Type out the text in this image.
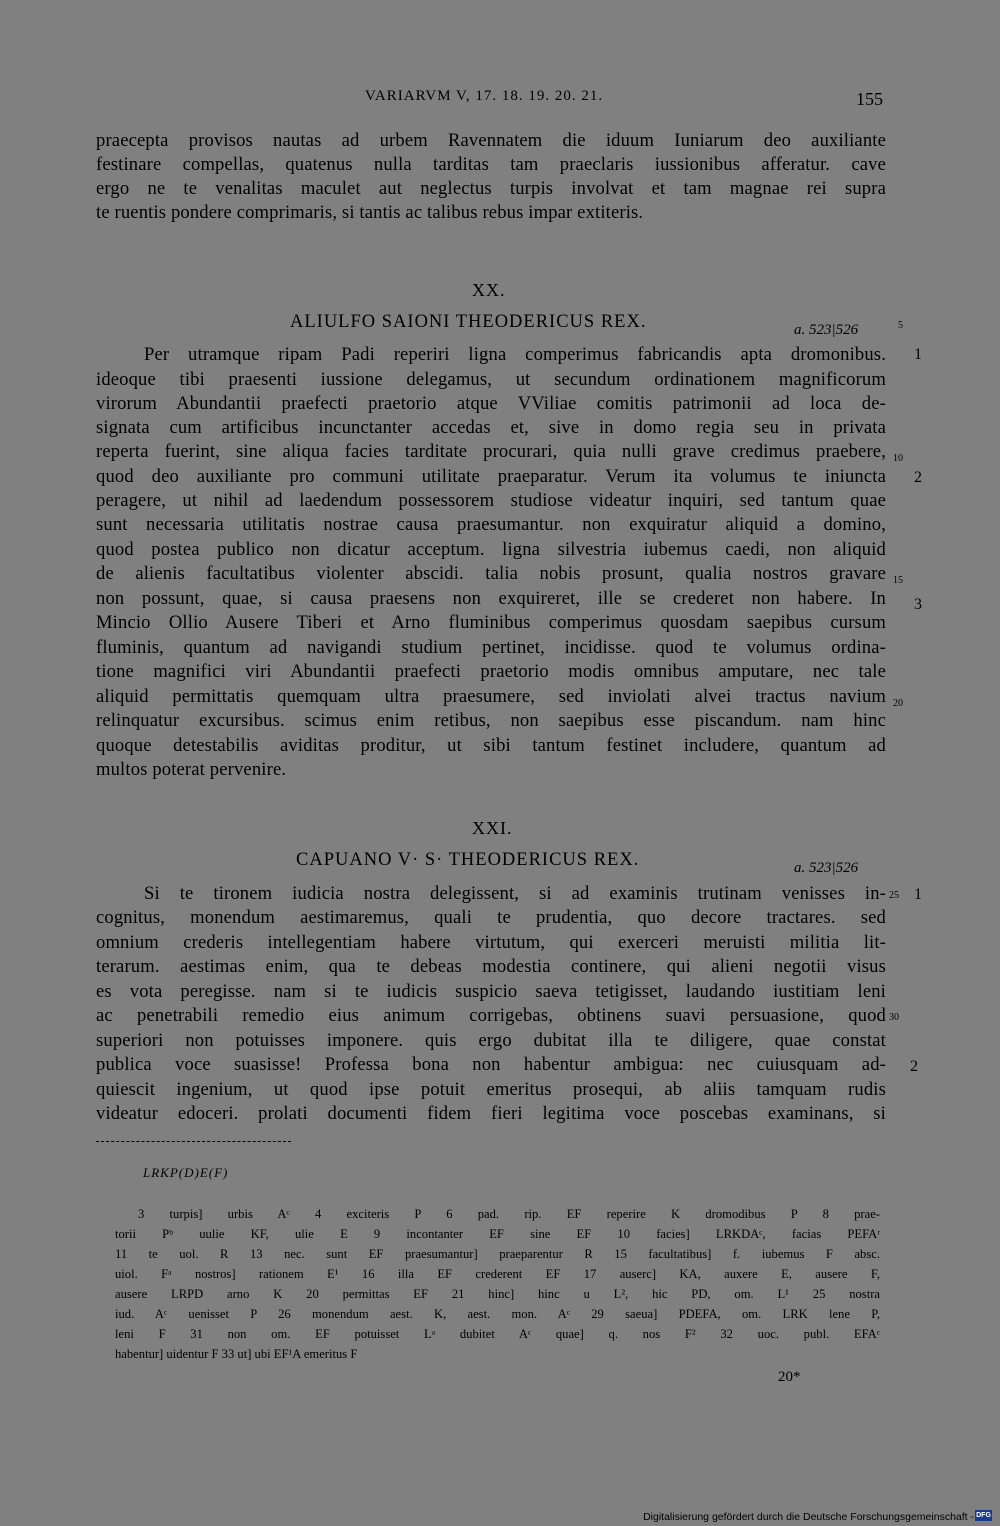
VARIARVM V, 17. 18. 19. 20. 21.	155
praecepta provisos nautas ad urbem Ravennatem die iduum Iuniarum deo auxiliante
festinare compellas, quatenus nulla tarditas tam praeclaris iussionibus afferatur. cave
ergo ne te venalitas maculet aut neglectus turpis involvat et tam magnae rei supra
te ruentis pondere comprimaris, si tantis ac talibus rebus impar extiteris.
XX.
ALIULFO SAIONI THEODERICUS REX.	a. 523|526
Per utramque ripam Padi reperiri ligna comperimus fabricandis apta dromonibus.
ideoque tibi praesenti iussione delegamus, ut secundum ordinationem magnificorum
virorum Abundantii praefecti praetorio atque VViliae comitis patrimonii ad loca de-
signata cum artificibus incunctanter accedas et, sive in domo regia seu in privata
reperta fuerint, sine aliqua facies tarditate procurari, quia nulli grave credimus praebere,
quod deo auxiliante pro communi utilitate praeparatur. Verum ita volumus te iniuncta
peragere, ut nihil ad laedendum possessorem studiose videatur inquiri, sed tantum quae
sunt necessaria utilitatis nostrae causa praesumantur. non exquiratur aliquid a domino,
quod postea publico non dicatur acceptum. ligna silvestria iubemus caedi, non aliquid
de alienis facultatibus violenter abscidi. talia nobis prosunt, qualia nostros gravare
non possunt, quae, si causa praesens non exquireret, ille se crederet non habere. In
Mincio Ollio Ausere Tiberi et Arno fluminibus comperimus quosdam saepibus cursum
fluminis, quantum ad navigandi studium pertinet, incidisse. quod te volumus ordina-
tione magnifici viri Abundantii praefecti praetorio modis omnibus amputare, nec tale
aliquid permittatis quemquam ultra praesumere, sed inviolati alvei tractus navium
relinquatur excursibus. scimus enim retibus, non saepibus esse piscandum. nam hinc
quoque detestabilis aviditas proditur, ut sibi tantum festinet includere, quantum ad
multos poterat pervenire.
5
10
15
20
1
2
3
XXI.
CAPUANO V· S· THEODERICUS REX.	a. 523|526
Si te tironem iudicia nostra delegissent, si ad examinis trutinam venisses in-
cognitus, monendum aestimaremus, quali te prudentia, quo decore tractares. sed
omnium crederis intellegentiam habere virtutum, qui exerceri meruisti militia lit-
terarum. aestimas enim, qua te debeas modestia continere, qui alieni negotii visus
es vota peregisse. nam si te iudicis suspicio saeva tetigisset, laudando iustitiam leni
ac penetrabili remedio eius animum corrigebas, obtinens suavi persuasione, quod
superiori non potuisses imponere. quis ergo dubitat illa te diligere, quae constat
publica voce suasisse! Professa bona non habentur ambigua: nec cuiusquam ad-
quiescit ingenium, ut quod ipse potuit emeritus prosequi, ab aliis tamquam rudis
videatur edoceri. prolati documenti fidem fieri legitima voce poscebas examinans, si
25
30
1
2
LRKP(D)E(F)
3 turpis] urbis Aᶜ 4 exciteris P 6 pad. rip. EF reperire K dromodibus P 8 prae-
torii Pᵇ uulie KF, ulie E 9 incontanter EF sine EF 10 facies] LRKDAᶜ, facias PEFAʳ
11 te uol. R 13 nec. sunt EF praesumantur] praeparentur R 15 facultatibus] f. iubemus F absc.
uiol. Fᵃ nostros] rationem E¹ 16 illa EF crederent EF 17 auserc] KA, auxere E, ausere F,
ausere LRPD arno K 20 permittas EF 21 hinc] hinc u L², hic PD, om. L¹ 25 nostra
iud. Aᶜ uenisset P 26 monendum aest. K, aest. mon. Aᶜ 29 saeua] PDEFA, om. LRK lene P,
leni F 31 non om. EF potuisset Lᵃ dubitet Aᶜ quae] q. nos F² 32 uoc. publ. EFAᶜ
habentur] uidentur F 33 ut] ubi EF¹A emeritus F
20*
Digitalisierung gefördert durch die Deutsche Forschungsgemeinschaft - DFG
